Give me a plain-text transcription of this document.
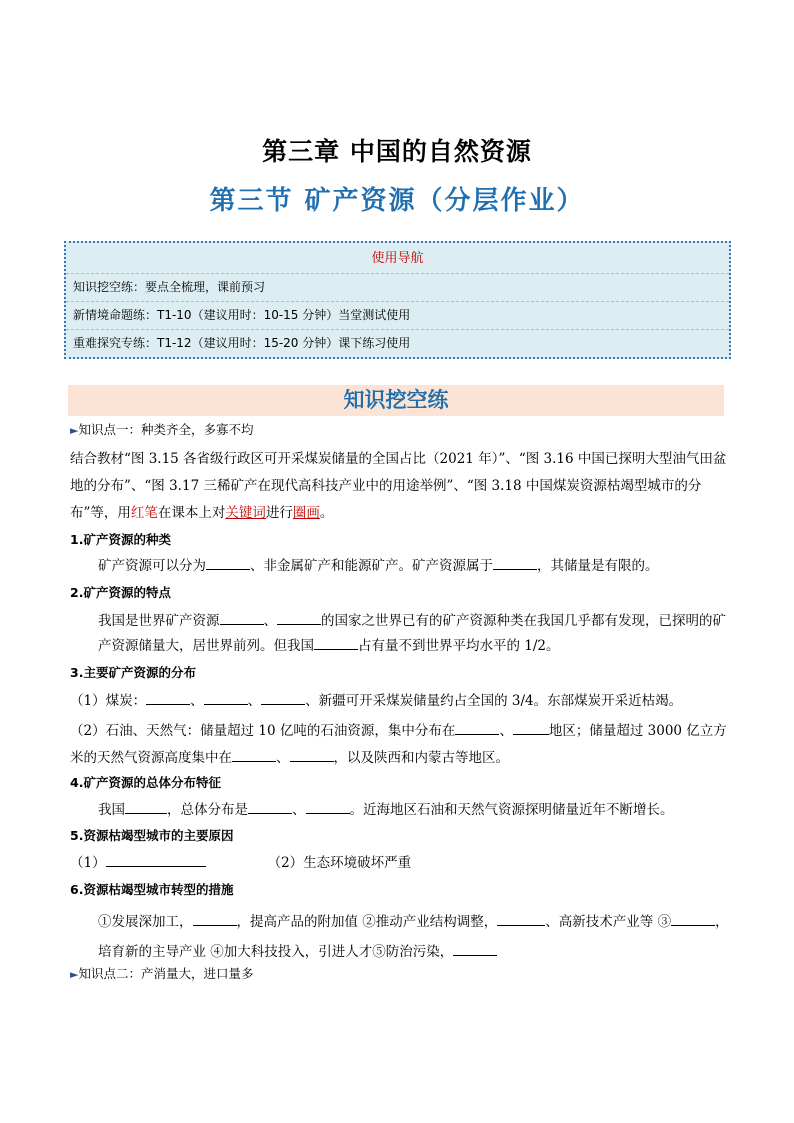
第三章 中国的自然资源
第三节 矿产资源（分层作业）
使用导航
知识挖空练：要点全梳理，课前预习
新情境命题练：T1-10（建议用时：10-15 分钟）当堂测试使用
重难探究专练：T1-12（建议用时：15-20 分钟）课下练习使用
知识挖空练
►知识点一：种类齐全，多寡不均
结合教材“图 3.15 各省级行政区可开采煤炭储量的全国占比（2021 年）”、“图 3.16 中国已探明大型油气田盆地的分布”、“图 3.17 三稀矿产在现代高科技产业中的用途举例”、“图 3.18 中国煤炭资源枯竭型城市的分布”等，用红笔在课本上对关键词进行圈画。
1.矿产资源的种类
矿产资源可以分为	、非金属矿产和能源矿产。矿产资源属于	，其储量是有限的。
2.矿产资源的特点
我国是世界矿产资源	、	的国家之世界已有的矿产资源种类在我国几乎都有发现，已探明的矿产资源储量大，居世界前列。但我国	占有量不到世界平均水平的 1/2。
3.主要矿产资源的分布
（1）煤炭：	、	、	、新疆可开采煤炭储量约占全国的 3/4。东部煤炭开采近枯竭。
（2）石油、天然气：储量超过 10 亿吨的石油资源，集中分布在	、	地区；储量超过 3000 亿立方米的天然气资源高度集中在	、	，以及陕西和内蒙古等地区。
4.矿产资源的总体分布特征
我国	，总体分布是	、	。近海地区石油和天然气资源探明储量近年不断增长。
5.资源枯竭型城市的主要原因
（1）	（2）生态环境破坏严重
6.资源枯竭型城市转型的措施
①发展深加工，	，提高产品的附加值 ②推动产业结构调整，	、高新技术产业等 ③	，培育新的主导产业 ④加大科技投入，引进人才⑤防治污染，
►知识点二：产消量大，进口量多
